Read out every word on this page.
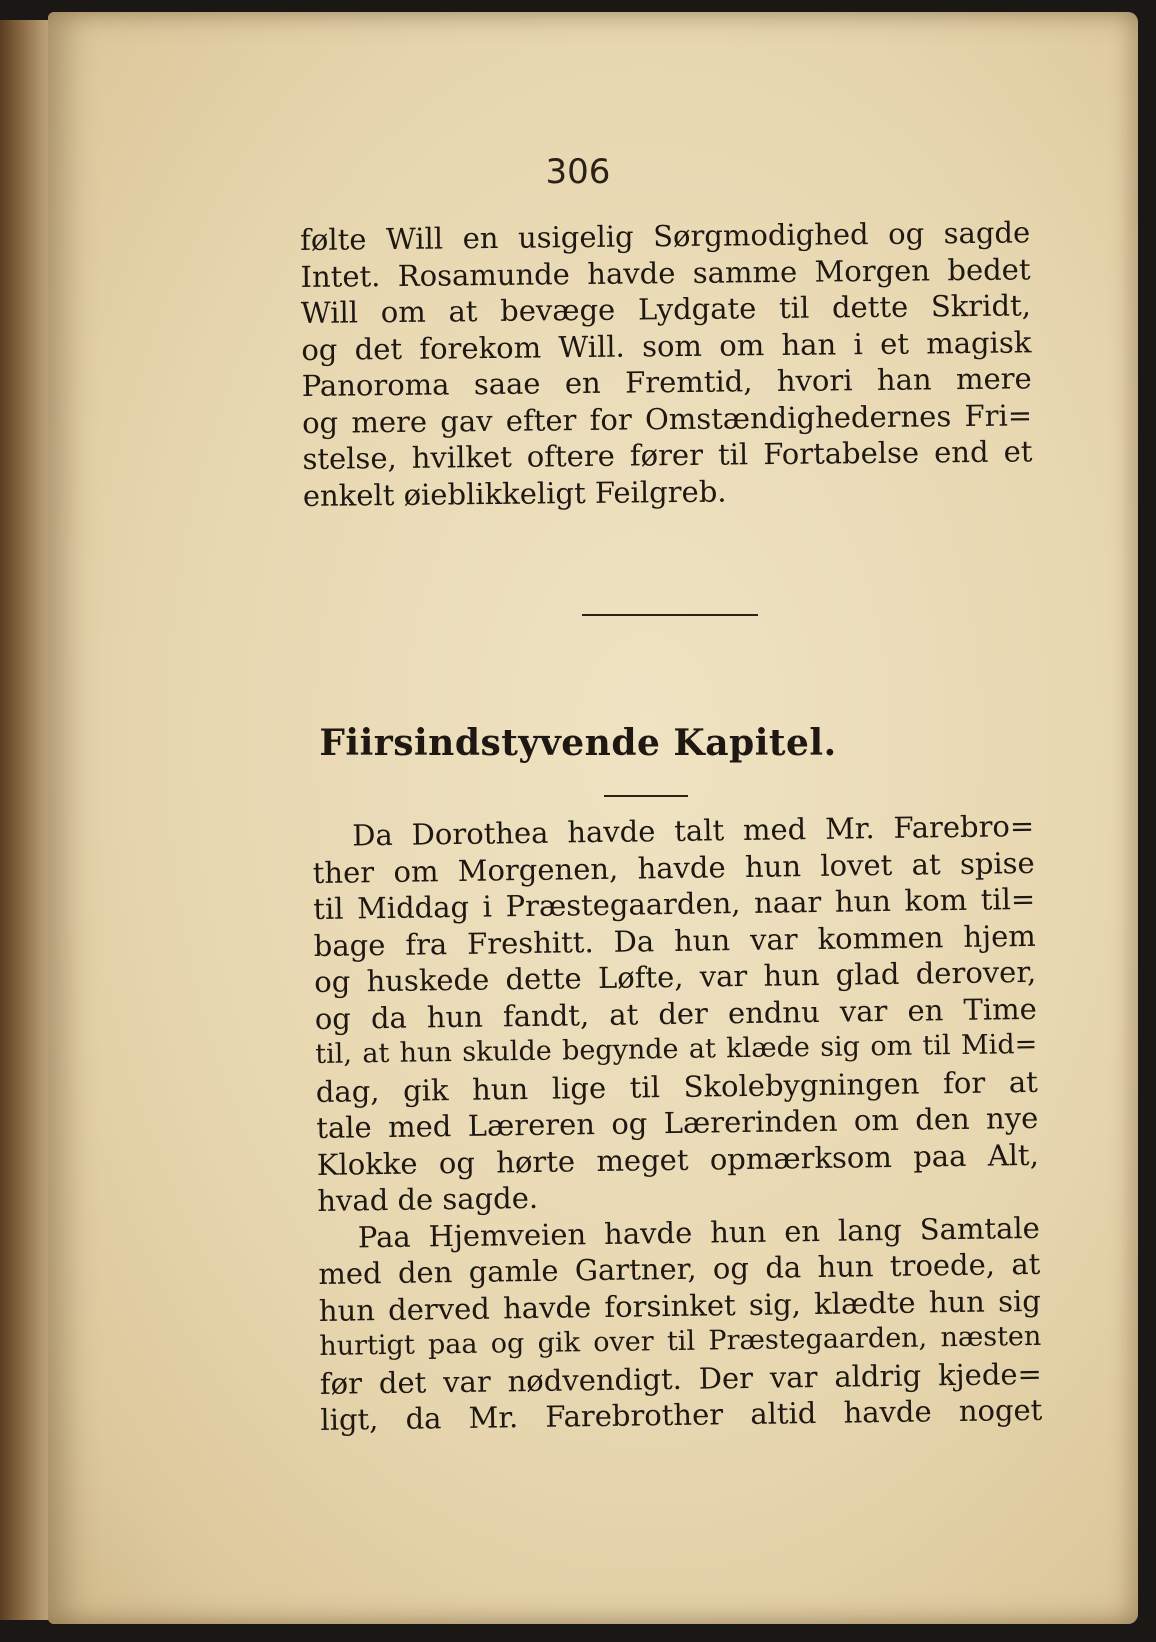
306
følte Will en usigelig Sørgmodighed og sagde
Intet. Rosamunde havde samme Morgen bedet
Will om at bevæge Lydgate til dette Skridt,
og det forekom Will. som om han i et magisk
Panoroma saae en Fremtid, hvori han mere
og mere gav efter for Omstændighedernes Fri=
stelse, hvilket oftere fører til Fortabelse end et
enkelt øieblikkeligt Feilgreb.
Fiirsindstyvende Kapitel.
Da Dorothea havde talt med Mr. Farebro=
ther om Morgenen, havde hun lovet at spise
til Middag i Præstegaarden, naar hun kom til=
bage fra Freshitt. Da hun var kommen hjem
og huskede dette Løfte, var hun glad derover,
og da hun fandt, at der endnu var en Time
til, at hun skulde begynde at klæde sig om til Mid=
dag, gik hun lige til Skolebygningen for at
tale med Læreren og Lærerinden om den nye
Klokke og hørte meget opmærksom paa Alt,
hvad de sagde.
Paa Hjemveien havde hun en lang Samtale
med den gamle Gartner, og da hun troede, at
hun derved havde forsinket sig, klædte hun sig
hurtigt paa og gik over til Præstegaarden, næsten
før det var nødvendigt. Der var aldrig kjede=
ligt, da Mr. Farebrother altid havde noget
